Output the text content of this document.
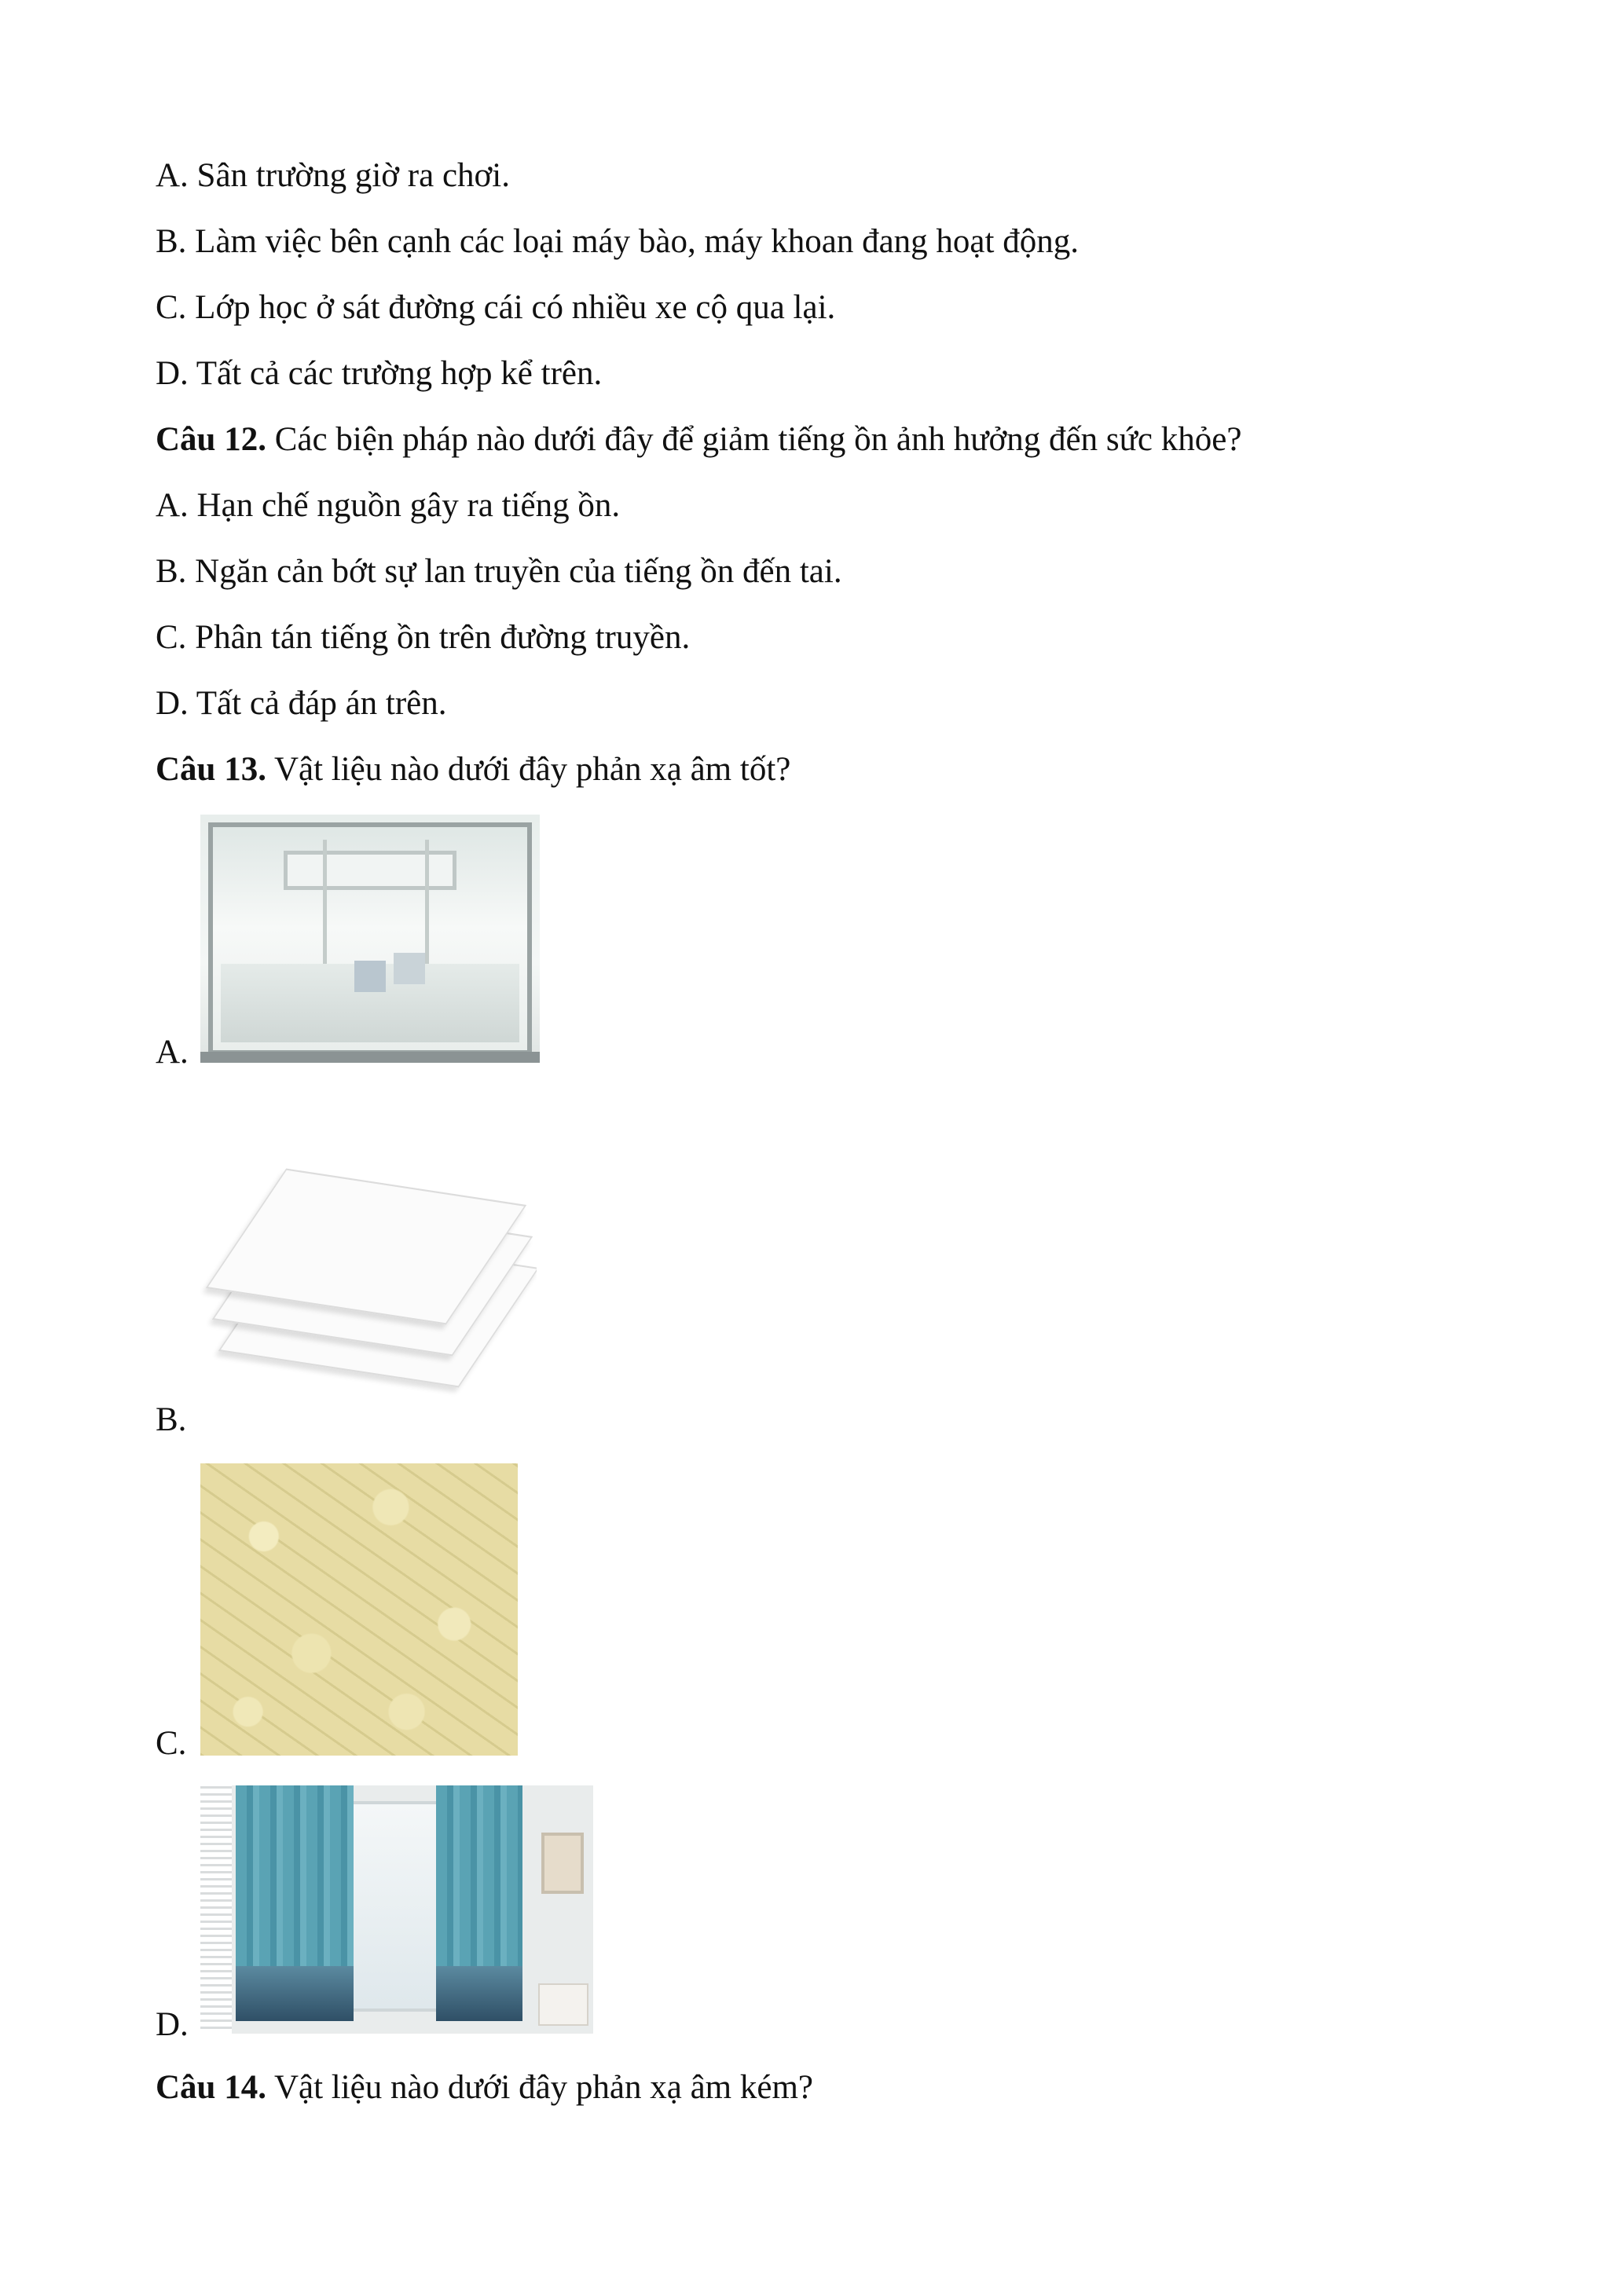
A. Sân trường giờ ra chơi.
B. Làm việc bên cạnh các loại máy bào, máy khoan đang hoạt động.
C. Lớp học ở sát đường cái có nhiều xe cộ qua lại.
D. Tất cả các trường hợp kể trên.
Câu 12. Các biện pháp nào dưới đây để giảm tiếng ồn ảnh hưởng đến sức khỏe?
A. Hạn chế nguồn gây ra tiếng ồn.
B. Ngăn cản bớt sự lan truyền của tiếng ồn đến tai.
C. Phân tán tiếng ồn trên đường truyền.
D. Tất cả đáp án trên.
Câu 13. Vật liệu nào dưới đây phản xạ âm tốt?
A.
B.
C.
D.
Câu 14. Vật liệu nào dưới đây phản xạ âm kém?
